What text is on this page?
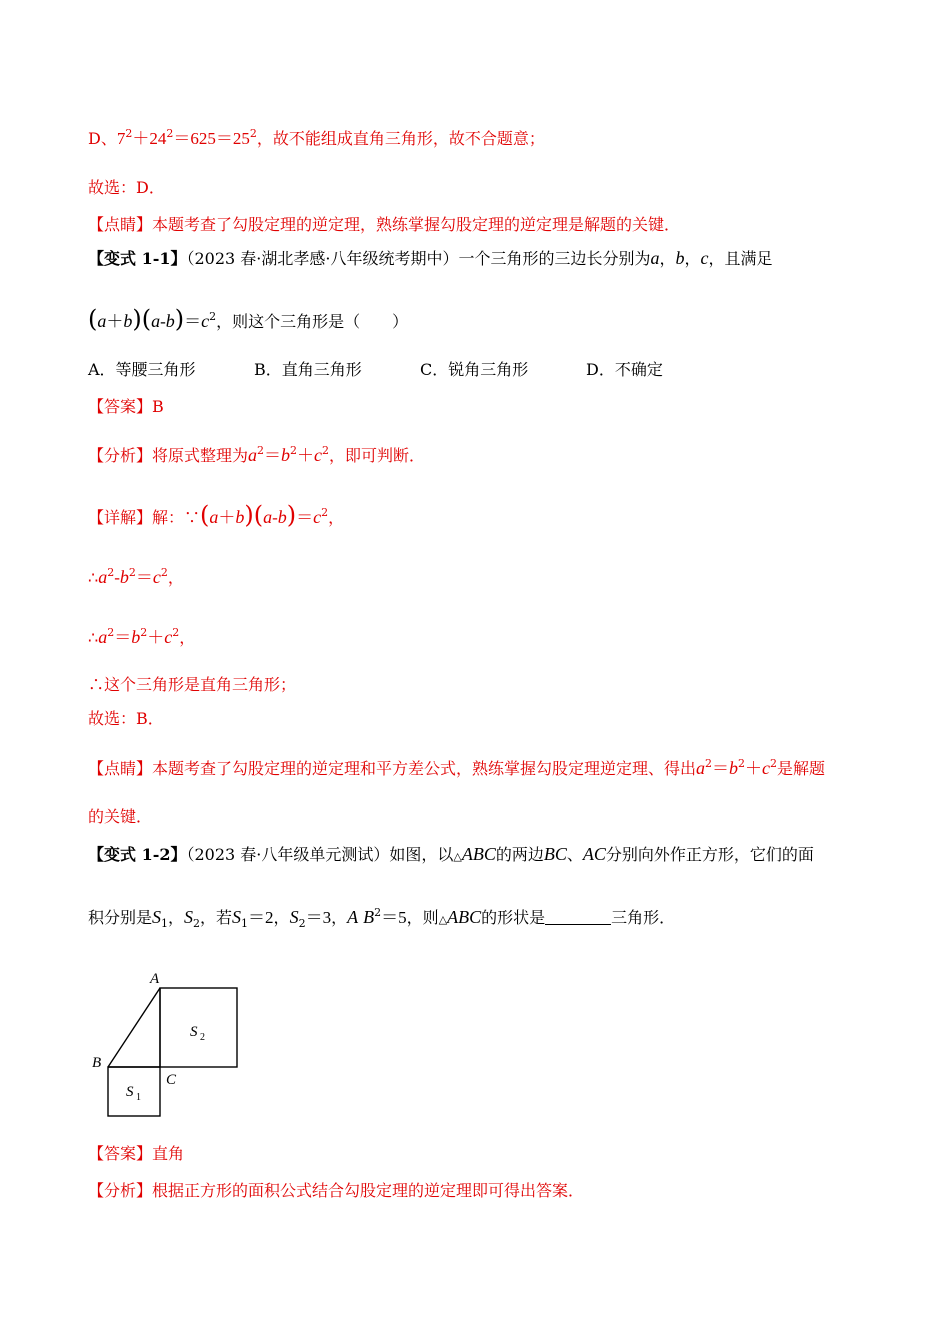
D、$7^2+24^2=625=25^2$，故不能组成直角三角形，故不合题意；
故选：D．
【点睛】本题考查了勾股定理的逆定理，熟练掌握勾股定理的逆定理是解题的关键．
【变式 1-1】（2023 春·湖北孝感·八年级统考期中）一个三角形的三边长分别为a，b，c，且满足
$(a+b)(a-b)=c^2$，则这个三角形是（　　）
A．等腰三角形	B．直角三角形	C．锐角三角形	D．不确定
【答案】B
【分析】将原式整理为$a^2=b^2+c^2$，即可判断．
【详解】解：$\because(a+b)(a-b)=c^2$，
$\therefore a^2-b^2=c^2$，
$\therefore a^2=b^2+c^2$，
∴这个三角形是直角三角形；
故选：B．
【点睛】本题考查了勾股定理的逆定理和平方差公式，熟练掌握勾股定理逆定理、得出$a^2=b^2+c^2$是解题
的关键．
【变式 1-2】（2023 春·八年级单元测试）如图，以△ABC的两边BC、AC分别向外作正方形，它们的面
积分别是$S_1$，$S_2$，若$S_1=2$，$S_2=3$，A $B^2=5$，则△ABC的形状是	三角形．
A
B
C
S 2
S 1
【答案】直角
【分析】根据正方形的面积公式结合勾股定理的逆定理即可得出答案．
